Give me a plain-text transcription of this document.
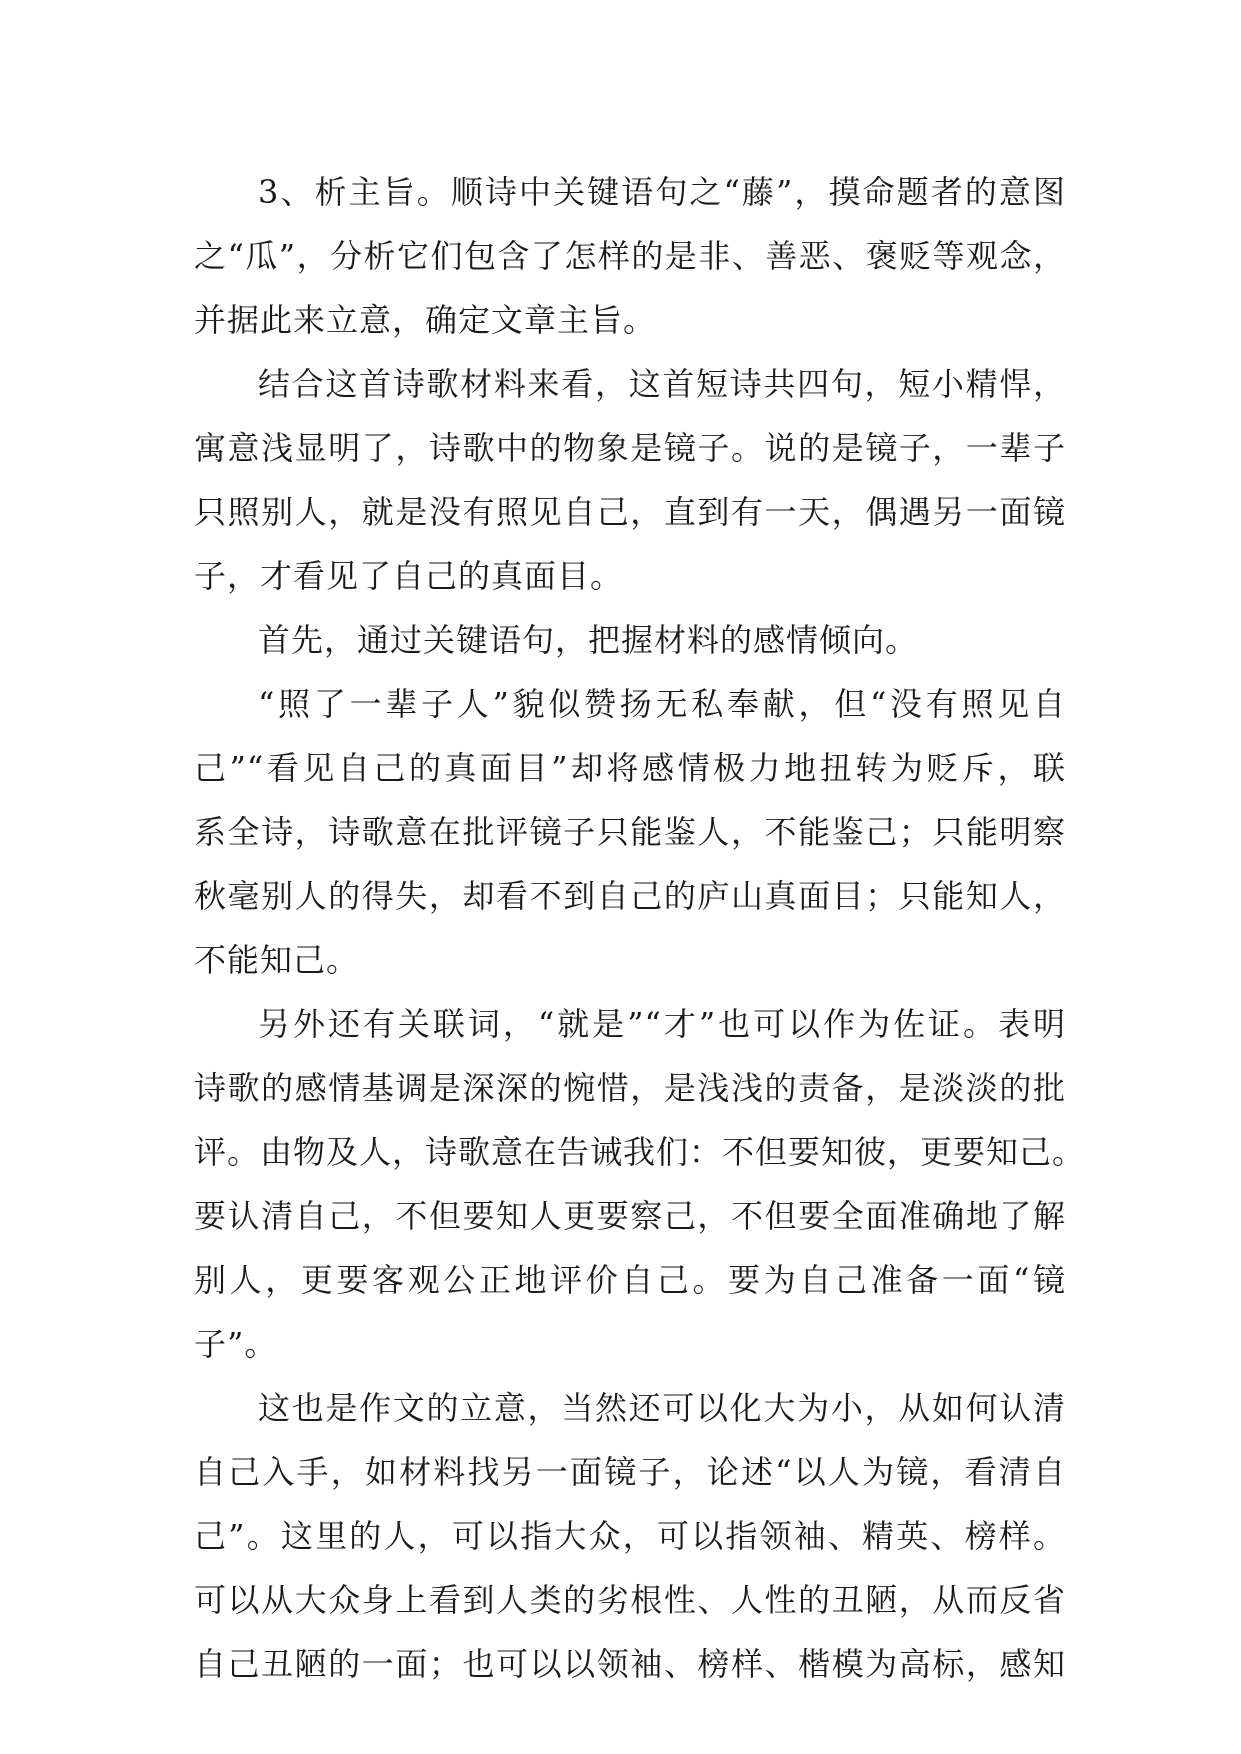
3、析主旨。顺诗中关键语句之“藤”，摸命题者的意图
之“瓜”，分析它们包含了怎样的是非、善恶、褒贬等观念，
并据此来立意，确定文章主旨。
结合这首诗歌材料来看，这首短诗共四句，短小精悍，
寓意浅显明了，诗歌中的物象是镜子。说的是镜子，一辈子
只照别人，就是没有照见自己，直到有一天，偶遇另一面镜
子，才看见了自己的真面目。
首先，通过关键语句，把握材料的感情倾向。
“照了一辈子人”貌似赞扬无私奉献，但“没有照见自
己”“看见自己的真面目”却将感情极力地扭转为贬斥，联
系全诗，诗歌意在批评镜子只能鉴人，不能鉴己；只能明察
秋毫别人的得失，却看不到自己的庐山真面目；只能知人，
不能知己。
另外还有关联词，“就是”“才”也可以作为佐证。表明
诗歌的感情基调是深深的惋惜，是浅浅的责备，是淡淡的批
评。由物及人，诗歌意在告诫我们：不但要知彼，更要知己。
要认清自己，不但要知人更要察己，不但要全面准确地了解
别人，更要客观公正地评价自己。要为自己准备一面“镜
子”。
这也是作文的立意，当然还可以化大为小，从如何认清
自己入手，如材料找另一面镜子，论述“以人为镜，看清自
己”。这里的人，可以指大众，可以指领袖、精英、榜样。
可以从大众身上看到人类的劣根性、人性的丑陋，从而反省
自己丑陋的一面；也可以以领袖、榜样、楷模为高标，感知
